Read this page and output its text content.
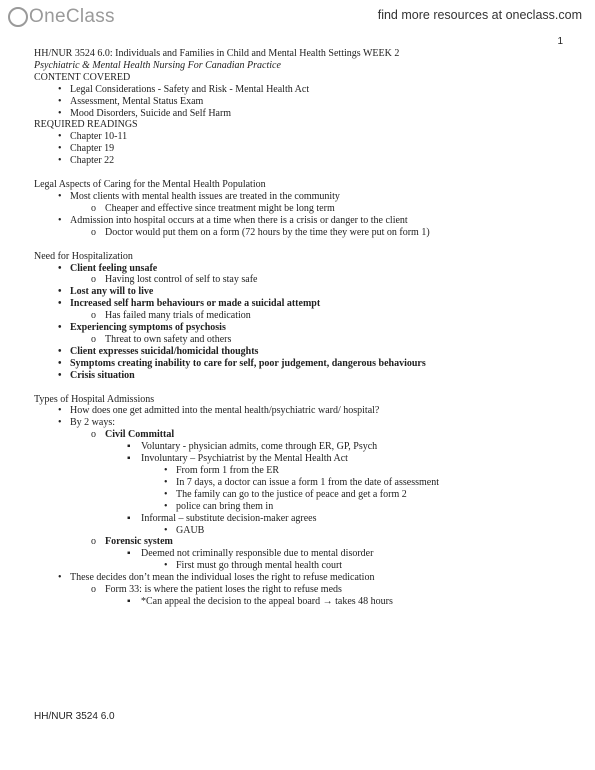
OneClass	find more resources at oneclass.com
1
HH/NUR 3524 6.0: Individuals and Families in Child and Mental Health Settings WEEK 2
Psychiatric & Mental Health Nursing For Canadian Practice
CONTENT COVERED
• Legal Considerations - Safety and Risk - Mental Health Act
• Assessment, Mental Status Exam
• Mood Disorders, Suicide and Self Harm
REQUIRED READINGS
• Chapter 10-11
• Chapter 19
• Chapter 22
Legal Aspects of Caring for the Mental Health Population
• Most clients with mental health issues are treated in the community
o Cheaper and effective since treatment might be long term
• Admission into hospital occurs at a time when there is a crisis or danger to the client
o Doctor would put them on a form (72 hours by the time they were put on form 1)
Need for Hospitalization
• Client feeling unsafe
o Having lost control of self to stay safe
• Lost any will to live
• Increased self harm behaviours or made a suicidal attempt
o Has failed many trials of medication
• Experiencing symptoms of psychosis
o Threat to own safety and others
• Client expresses suicidal/homicidal thoughts
• Symptoms creating inability to care for self, poor judgement, dangerous behaviours
• Crisis situation
Types of Hospital Admissions
• How does one get admitted into the mental health/psychiatric ward/ hospital?
• By 2 ways:
o Civil Committal
▪ Voluntary - physician admits, come through ER, GP, Psych
▪ Involuntary – Psychiatrist by the Mental Health Act
• From form 1 from the ER
• In 7 days, a doctor can issue a form 1 from the date of assessment
• The family can go to the justice of peace and get a form 2
• police can bring them in
▪ Informal – substitute decision-maker agrees
• GAUB
o Forensic system
▪ Deemed not criminally responsible due to mental disorder
• First must go through mental health court
• These decides don’t mean the individual loses the right to refuse medication
o Form 33: is where the patient loses the right to refuse meds
▪ *Can appeal the decision to the appeal board → takes 48 hours
HH/NUR 3524 6.0
